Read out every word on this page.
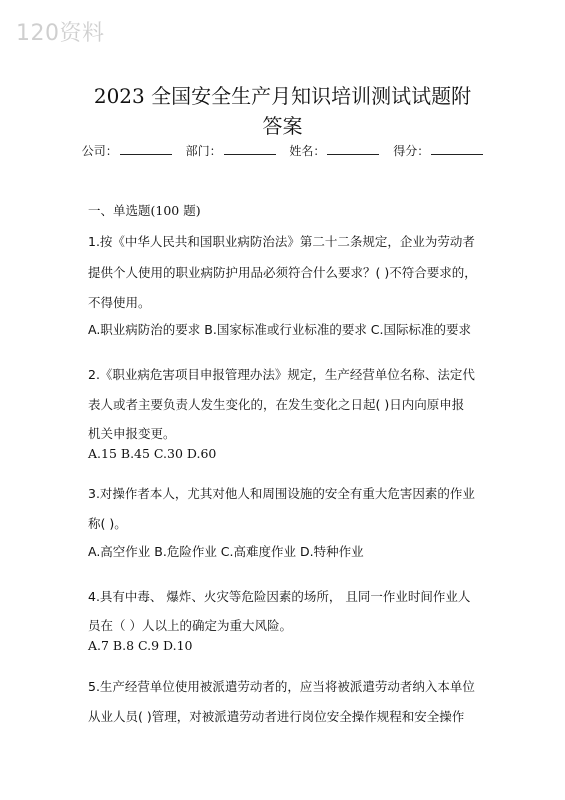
120资料
2023 全国安全生产月知识培训测试试题附
答案
公司：	部门：	姓名：	得分：
一、单选题(100 题)
1.按《中华人民共和国职业病防治法》第二十二条规定，企业为劳动者
提供个人使用的职业病防护用品必须符合什么要求？( )不符合要求的，
不得使用。
A.职业病防治的要求 B.国家标准或行业标准的要求 C.国际标准的要求
2.《职业病危害项目申报管理办法》规定，生产经营单位名称、法定代
表人或者主要负责人发生变化的，在发生变化之日起( )日内向原申报
机关申报变更。
A.15 B.45 C.30 D.60
3.对操作者本人，尤其对他人和周围设施的安全有重大危害因素的作业
称( )。
A.高空作业 B.危险作业 C.高难度作业 D.特种作业
4.具有中毒、 爆炸、火灾等危险因素的场所， 且同一作业时间作业人
员在（ ）人以上的确定为重大风险。
A.7 B.8 C.9 D.10
5.生产经营单位使用被派遣劳动者的，应当将被派遣劳动者纳入本单位
从业人员( )管理，对被派遣劳动者进行岗位安全操作规程和安全操作
